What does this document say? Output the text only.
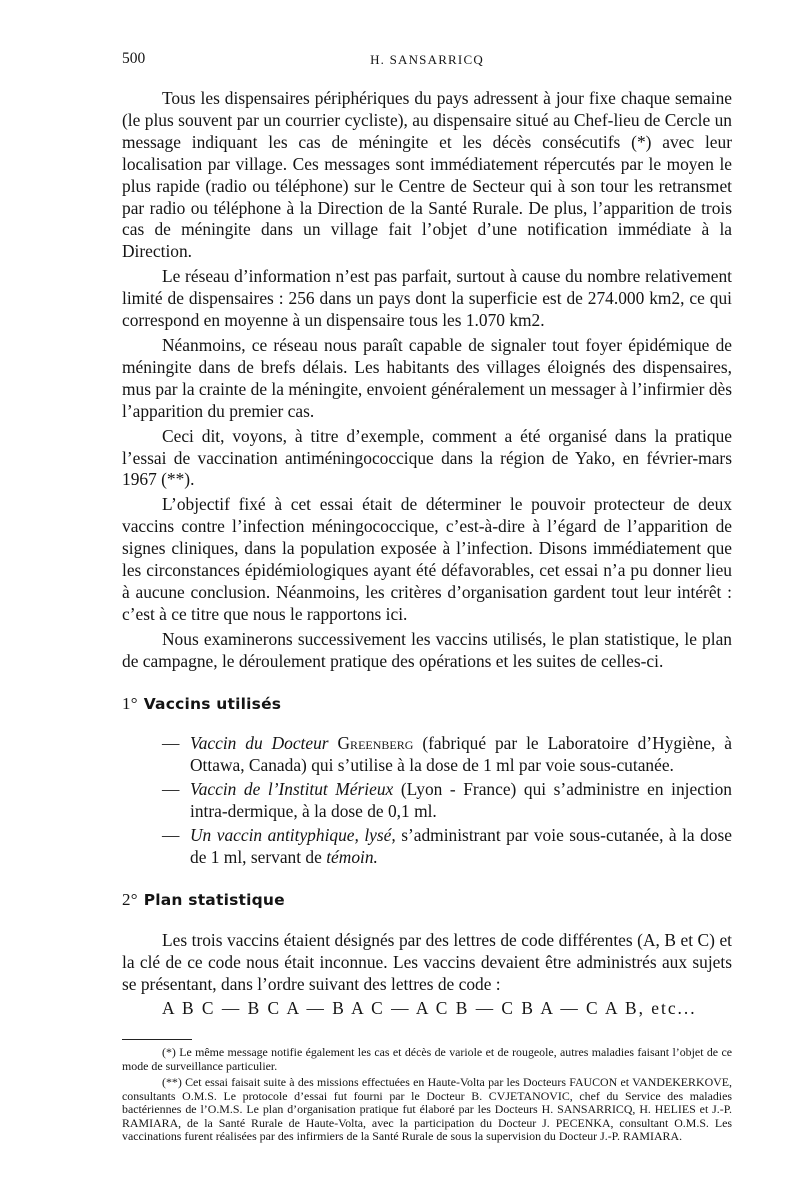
500	H. SANSARRICQ

Tous les dispensaires périphériques du pays adressent à jour fixe chaque semaine (le plus souvent par un courrier cycliste), au dispensaire situé au Chef-lieu de Cercle un message indiquant les cas de méningite et les décès consécutifs (*) avec leur localisation par village. Ces messages sont immédiatement répercutés par le moyen le plus rapide (radio ou téléphone) sur le Centre de Secteur qui à son tour les retransmet par radio ou téléphone à la Direction de la Santé Rurale. De plus, l’apparition de trois cas de méningite dans un village fait l’objet d’une notification immédiate à la Direction.

Le réseau d’information n’est pas parfait, surtout à cause du nombre relativement limité de dispensaires : 256 dans un pays dont la superficie est de 274.000 km2, ce qui correspond en moyenne à un dispensaire tous les 1.070 km2.

Néanmoins, ce réseau nous paraît capable de signaler tout foyer épidémique de méningite dans de brefs délais. Les habitants des villages éloignés des dispensaires, mus par la crainte de la méningite, envoient généralement un messager à l’infirmier dès l’apparition du premier cas.

Ceci dit, voyons, à titre d’exemple, comment a été organisé dans la pratique l’essai de vaccination antiméningococcique dans la région de Yako, en février-mars 1967 (**).

L’objectif fixé à cet essai était de déterminer le pouvoir protecteur de deux vaccins contre l’infection méningococcique, c’est-à-dire à l’égard de l’apparition de signes cliniques, dans la population exposée à l’infection. Disons immédiatement que les circonstances épidémiologiques ayant été défavorables, cet essai n’a pu donner lieu à aucune conclusion. Néanmoins, les critères d’organisation gardent tout leur intérêt : c’est à ce titre que nous le rapportons ici.

Nous examinerons successivement les vaccins utilisés, le plan statistique, le plan de campagne, le déroulement pratique des opérations et les suites de celles-ci.

1° Vaccins utilisés
— Vaccin du Docteur Greenberg (fabriqué par le Laboratoire d’Hygiène, à Ottawa, Canada) qui s’utilise à la dose de 1 ml par voie sous-cutanée.
— Vaccin de l’Institut Mérieux (Lyon - France) qui s’administre en injection intra-dermique, à la dose de 0,1 ml.
— Un vaccin antityphique, lysé, s’administrant par voie sous-cutanée, à la dose de 1 ml, servant de témoin.
2° Plan statistique

Les trois vaccins étaient désignés par des lettres de code différentes (A, B et C) et la clé de ce code nous était inconnue. Les vaccins devaient être administrés aux sujets se présentant, dans l’ordre suivant des lettres de code :

A B C — B C A — B A C — A C B — C B A — C A B, etc...

(*) Le même message notifie également les cas et décès de variole et de rougeole, autres maladies faisant l’objet de ce mode de surveillance particulier.

(**) Cet essai faisait suite à des missions effectuées en Haute-Volta par les Docteurs FAUCON et VANDEKERKOVE, consultants O.M.S. Le protocole d’essai fut fourni par le Docteur B. CVJETANOVIC, chef du Service des maladies bactériennes de l’O.M.S. Le plan d’organisation pratique fut élaboré par les Docteurs H. SANSARRICQ, H. HELIES et J.-P. RAMIARA, de la Santé Rurale de Haute-Volta, avec la participation du Docteur J. PECENKA, consultant O.M.S. Les vaccinations furent réalisées par des infirmiers de la Santé Rurale de sous la supervision du Docteur J.-P. RAMIARA.
